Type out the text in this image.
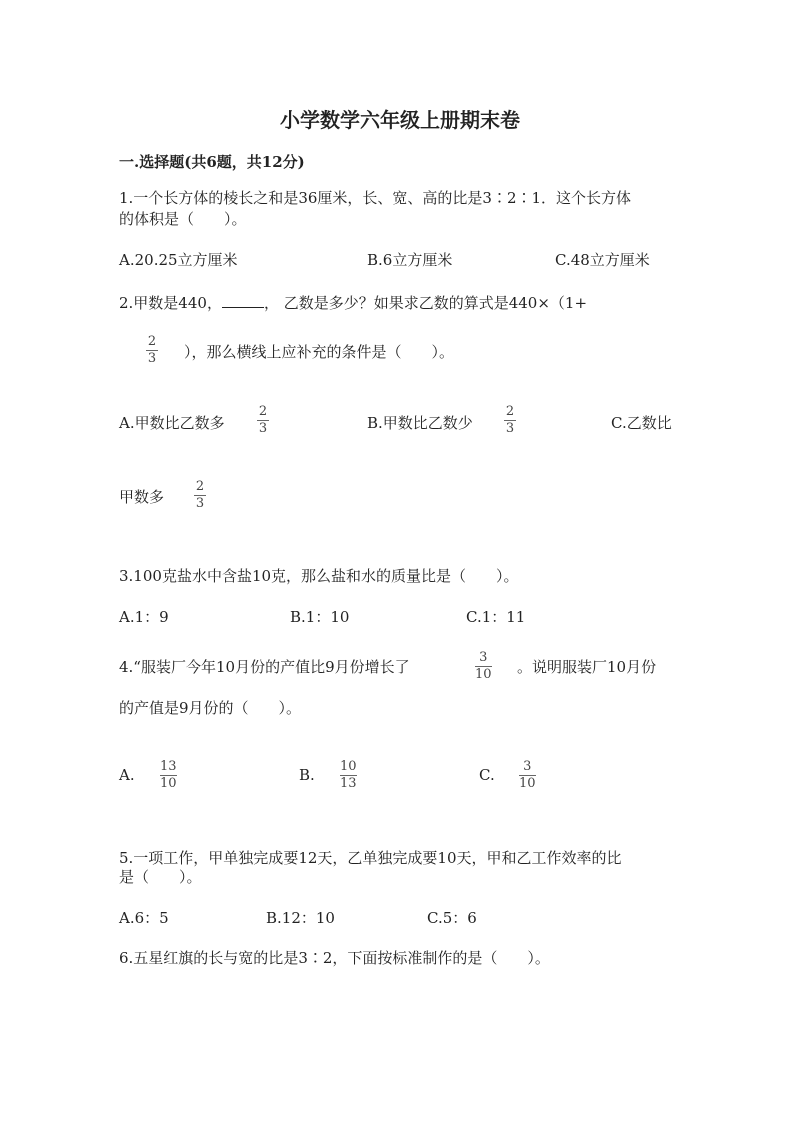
小学数学六年级上册期末卷
一.选择题(共6题，共12分)
1.一个长方体的棱长之和是36厘米，长、宽、高的比是3∶2∶1．这个长方体
的体积是（　　）。
A.20.25立方厘米	B.6立方厘米	C.48立方厘米
2.甲数是440，	， 乙数是多少？如果求乙数的算式是440×（1+
2
3 ），那么横线上应补充的条件是（　　）。
A.甲数比乙数多
2
3	B.甲数比乙数少
2
3	C.乙数比
甲数多
2
3
3.100克盐水中含盐10克，那么盐和水的质量比是（　　）。
A.1：9	B.1：10	C.1：11
4.“服装厂今年10月份的产值比9月份增长了
3
10 。说明服装厂10月份
的产值是9月份的（　　）。
A. 13
10	B. 10
13	C. 3
10
5.一项工作，甲单独完成要12天，乙单独完成要10天，甲和乙工作效率的比
是（　　）。
A.6：5	B.12：10	C.5：6
6.五星红旗的长与宽的比是3∶2，下面按标准制作的是（　　）。
